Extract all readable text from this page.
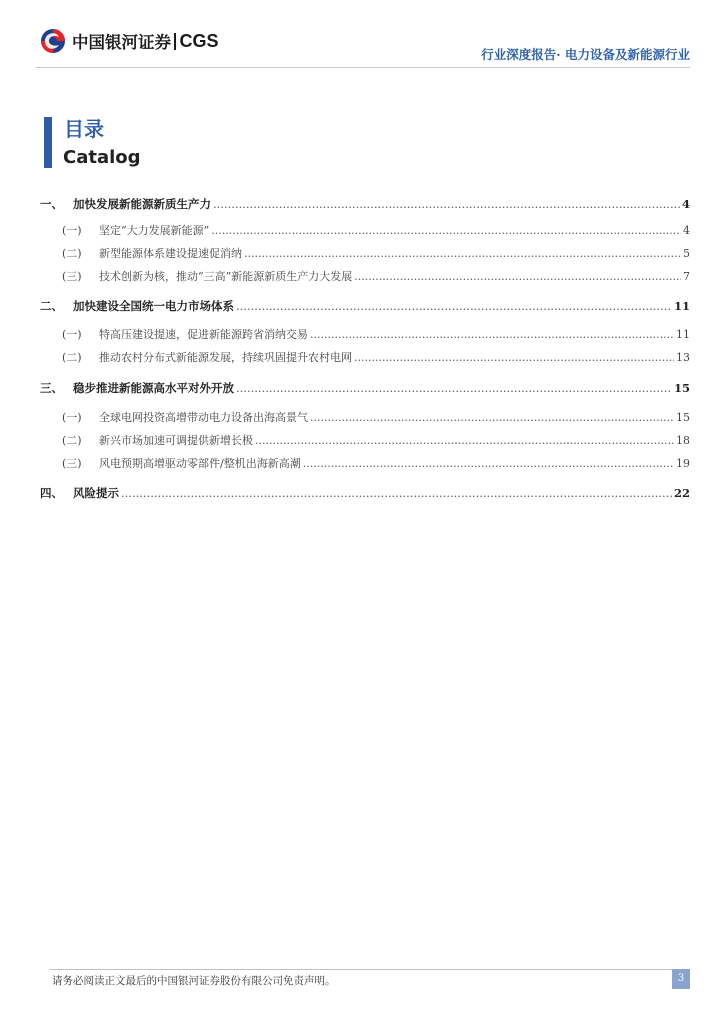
中国银河证券 CGS
行业深度报告· 电力设备及新能源行业
目录
Catalog
一、 加快发展新能源新质生产力 .....	4
(一)	坚定“大力发展新能源” .....	4
(二)	新型能源体系建设提速促消纳 .....	5
(三)	技术创新为核，推动“三高”新能源新质生产力大发展 .....	7
二、 加快建设全国统一电力市场体系 .....	11
(一)	特高压建设提速，促进新能源跨省消纳交易 .....	11
(二)	推动农村分布式新能源发展，持续巩固提升农村电网 .....	13
三、 稳步推进新能源高水平对外开放 .....	15
(一)	全球电网投资高增带动电力设备出海高景气 .....	15
(二)	新兴市场加速可调提供新增长极 .....	18
(三)	风电预期高增驱动零部件/整机出海新高潮 .....	19
四、 风险提示 .....	22
请务必阅读正文最后的中国银河证券股份有限公司免责声明。	3
